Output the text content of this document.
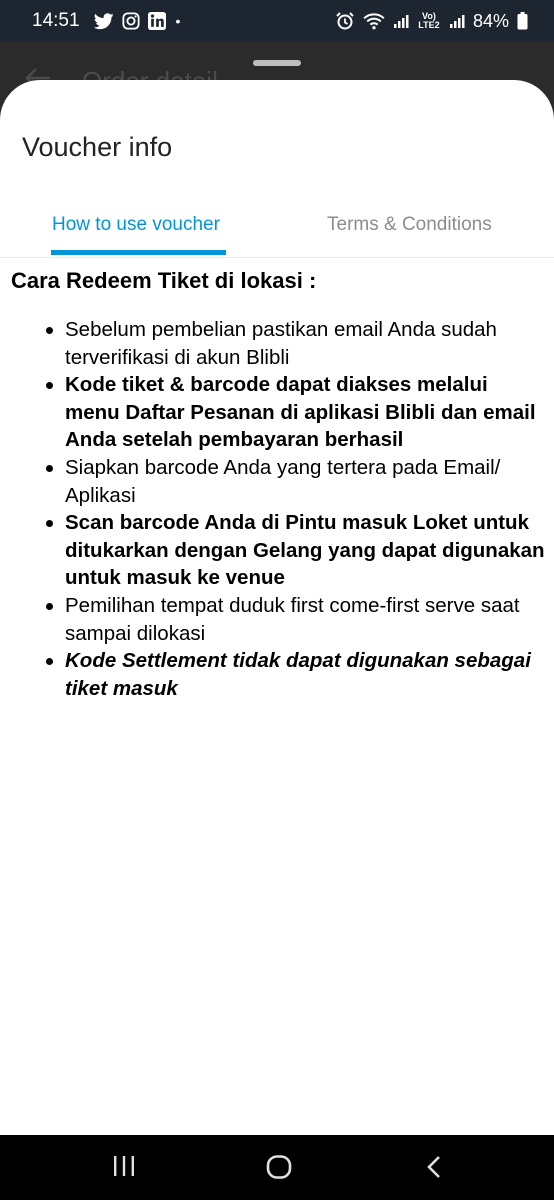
14:51	•	Vo) LTE2 84%
Voucher info
How to use voucher	Terms & Conditions
Cara Redeem Tiket di lokasi :
Sebelum pembelian pastikan email Anda sudah terverifikasi di akun Blibli
Kode tiket & barcode dapat diakses melalui menu Daftar Pesanan di aplikasi Blibli dan email Anda setelah pembayaran berhasil
Siapkan barcode Anda yang tertera pada Email/ Aplikasi
Scan barcode Anda di Pintu masuk Loket untuk ditukarkan dengan Gelang yang dapat digunakan untuk masuk ke venue
Pemilihan tempat duduk first come-first serve saat sampai dilokasi
Kode Settlement tidak dapat digunakan sebagai tiket masuk
